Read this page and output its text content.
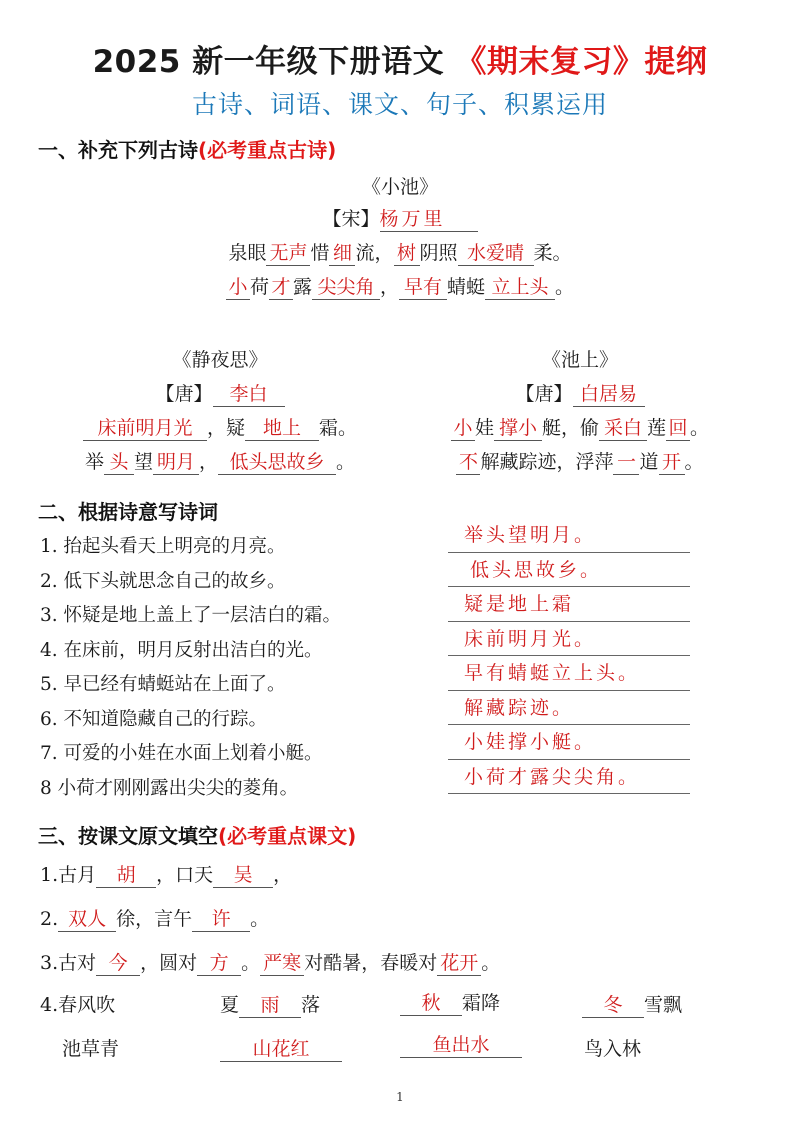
2025 新一年级下册语文 《期末复习》提纲
古诗、词语、课文、句子、积累运用
一、补充下列古诗(必考重点古诗)
《小池》
【宋】杨万里
泉眼 无声 惜 细 流， 树 阴照 水爱晴 柔。
小 荷 才 露 尖尖角 ， 早有 蜻蜓 立上头 。
《静夜思》
【唐】 李白
床前明月光 ，疑 地上 霜。
举 头 望 明月 ， 低头思故乡 。
《池上》
【唐】 白居易
小 娃 撑小 艇，偷 采白 莲 回 。
不 解藏踪迹，浮萍 一 道 开 。
二、根据诗意写诗词
1. 抬起头看天上明亮的月亮。
2. 低下头就思念自己的故乡。
3. 怀疑是地上盖上了一层洁白的霜。
4. 在床前，明月反射出洁白的光。
5. 早已经有蜻蜓站在上面了。
6. 不知道隐藏自己的行踪。
7. 可爱的小娃在水面上划着小艇。
8 小荷才刚刚露出尖尖的菱角。
举头望明月。
低头思故乡。
疑是地上霜
床前明月光。
早有蜻蜓立上头。
解藏踪迹。
小娃撑小艇。
小荷才露尖尖角。
三、按课文原文填空(必考重点课文)
1.古月 胡 ，口天 吴 ，
2. 双人 徐，言午 许 。
3.古对 今 ，圆对 方 。 严寒 对酷暑，春暖对 花开 。
4.春风吹	夏 雨 落	秋 霜降	冬 雪飘
池草青	山花红	鱼出水	鸟入林
1
